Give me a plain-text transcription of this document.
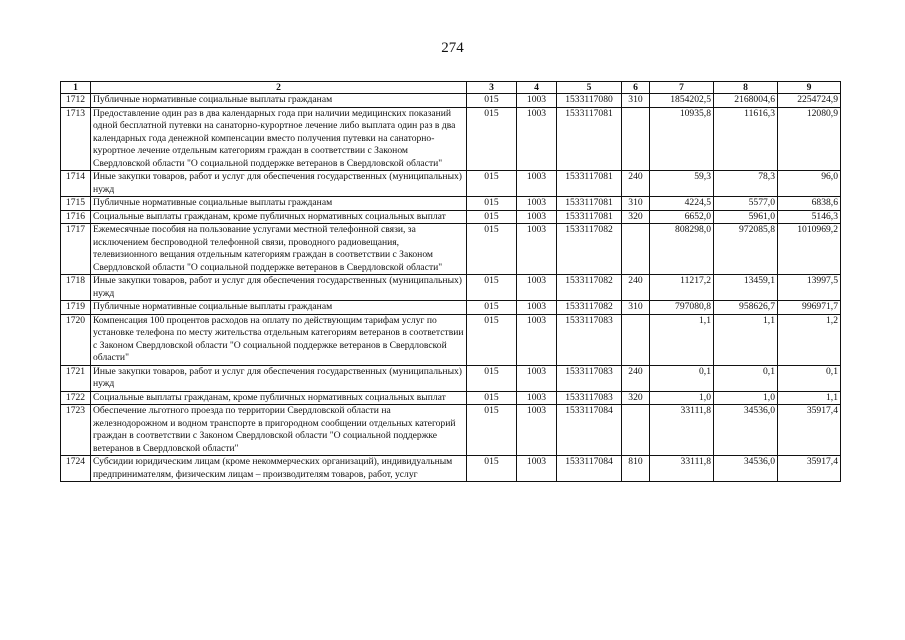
274
1	2	3	4	5	6	7	8	9
1712	Публичные нормативные социальные выплаты гражданам	015	1003	1533117080	310	1854202,5	2168004,6	2254724,9
1713	Предоставление один раз в два календарных года при наличии медицинских показаний одной бесплатной путевки на санаторно-курортное лечение либо выплата один раз в два календарных года денежной компенсации вместо получения путевки на санаторно-курортное лечение отдельным категориям граждан в соответствии с Законом Свердловской области "О социальной поддержке ветеранов в Свердловской области"	015	1003	1533117081		10935,8	11616,3	12080,9
1714	Иные закупки товаров, работ и услуг для обеспечения государственных (муниципальных) нужд	015	1003	1533117081	240	59,3	78,3	96,0
1715	Публичные нормативные социальные выплаты гражданам	015	1003	1533117081	310	4224,5	5577,0	6838,6
1716	Социальные выплаты гражданам, кроме публичных нормативных социальных выплат	015	1003	1533117081	320	6652,0	5961,0	5146,3
1717	Ежемесячные пособия на пользование услугами местной телефонной связи, за исключением беспроводной телефонной связи, проводного радиовещания, телевизионного вещания отдельным категориям граждан в соответствии с Законом Свердловской области "О социальной поддержке ветеранов в Свердловской области"	015	1003	1533117082		808298,0	972085,8	1010969,2
1718	Иные закупки товаров, работ и услуг для обеспечения государственных (муниципальных) нужд	015	1003	1533117082	240	11217,2	13459,1	13997,5
1719	Публичные нормативные социальные выплаты гражданам	015	1003	1533117082	310	797080,8	958626,7	996971,7
1720	Компенсация 100 процентов расходов на оплату по действующим тарифам услуг по установке телефона по месту жительства отдельным категориям ветеранов в соответствии с Законом Свердловской области "О социальной поддержке ветеранов в Свердловской области"	015	1003	1533117083		1,1	1,1	1,2
1721	Иные закупки товаров, работ и услуг для обеспечения государственных (муниципальных) нужд	015	1003	1533117083	240	0,1	0,1	0,1
1722	Социальные выплаты гражданам, кроме публичных нормативных социальных выплат	015	1003	1533117083	320	1,0	1,0	1,1
1723	Обеспечение льготного проезда по территории Свердловской области на железнодорожном и водном транспорте в пригородном сообщении отдельных категорий граждан в соответствии с Законом Свердловской области "О социальной поддержке ветеранов в Свердловской области"	015	1003	1533117084		33111,8	34536,0	35917,4
1724	Субсидии юридическим лицам (кроме некоммерческих организаций), индивидуальным предпринимателям, физическим лицам – производителям товаров, работ, услуг	015	1003	1533117084	810	33111,8	34536,0	35917,4
